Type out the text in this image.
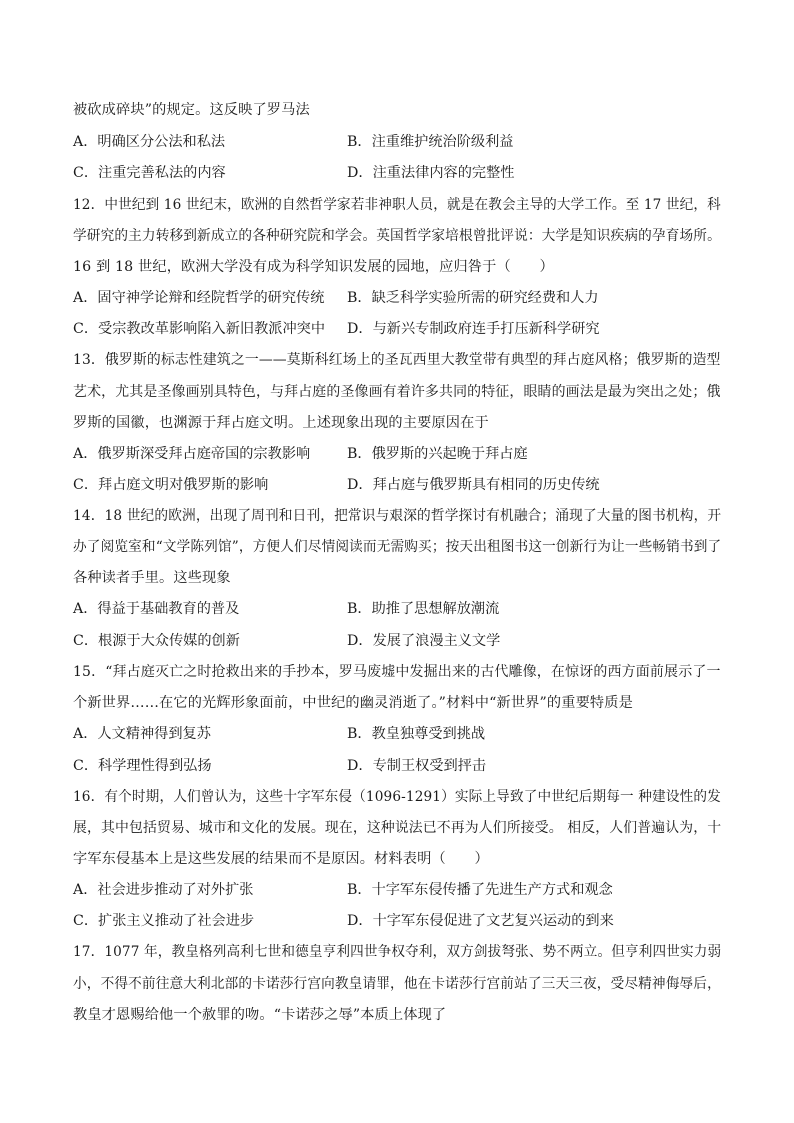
被砍成碎块”的规定。这反映了罗马法
A．明确区分公法和私法	B．注重维护统治阶级利益
C．注重完善私法的内容	D．注重法律内容的完整性
12．中世纪到 16 世纪末，欧洲的自然哲学家若非神职人员，就是在教会主导的大学工作。至 17 世纪，科
学研究的主力转移到新成立的各种研究院和学会。英国哲学家培根曾批评说：大学是知识疾病的孕育场所。
16 到 18 世纪，欧洲大学没有成为科学知识发展的园地，应归咎于（　　）
A．固守神学论辩和经院哲学的研究传统 B．缺乏科学实验所需的研究经费和人力
C．受宗教改革影响陷入新旧教派冲突中 D．与新兴专制政府连手打压新科学研究
13．俄罗斯的标志性建筑之一——莫斯科红场上的圣瓦西里大教堂带有典型的拜占庭风格；俄罗斯的造型
艺术，尤其是圣像画别具特色，与拜占庭的圣像画有着许多共同的特征，眼睛的画法是最为突出之处；俄
罗斯的国徽，也渊源于拜占庭文明。上述现象出现的主要原因在于
A．俄罗斯深受拜占庭帝国的宗教影响	B．俄罗斯的兴起晚于拜占庭
C．拜占庭文明对俄罗斯的影响	D．拜占庭与俄罗斯具有相同的历史传统
14．18 世纪的欧洲，出现了周刊和日刊，把常识与艰深的哲学探讨有机融合；涌现了大量的图书机构，开
办了阅览室和“文学陈列馆”，方便人们尽情阅读而无需购买；按天出租图书这一创新行为让一些畅销书到了
各种读者手里。这些现象
A．得益于基础教育的普及	B．助推了思想解放潮流
C．根源于大众传媒的创新	D．发展了浪漫主义文学
15．“拜占庭灭亡之时抢救出来的手抄本，罗马废墟中发掘出来的古代雕像，在惊讶的西方面前展示了一
个新世界……在它的光辉形象面前，中世纪的幽灵消逝了。”材料中“新世界”的重要特质是
A．人文精神得到复苏	B．教皇独尊受到挑战
C．科学理性得到弘扬	D．专制王权受到抨击
16．有个时期，人们曾认为，这些十字军东侵（1096-1291）实际上导致了中世纪后期每一 种建设性的发
展，其中包括贸易、城市和文化的发展。现在，这种说法已不再为人们所接受。 相反，人们普遍认为，十
字军东侵基本上是这些发展的结果而不是原因。材料表明（　　）
A．社会进步推动了对外扩张	B．十字军东侵传播了先进生产方式和观念
C．扩张主义推动了社会进步	D．十字军东侵促进了文艺复兴运动的到来
17．1077 年，教皇格列高利七世和德皇亨利四世争权夺利，双方剑拔弩张、势不两立。但亨利四世实力弱
小，不得不前往意大利北部的卡诺莎行宫向教皇请罪，他在卡诺莎行宫前站了三天三夜，受尽精神侮辱后，
教皇才恩赐给他一个赦罪的吻。“卡诺莎之辱”本质上体现了
